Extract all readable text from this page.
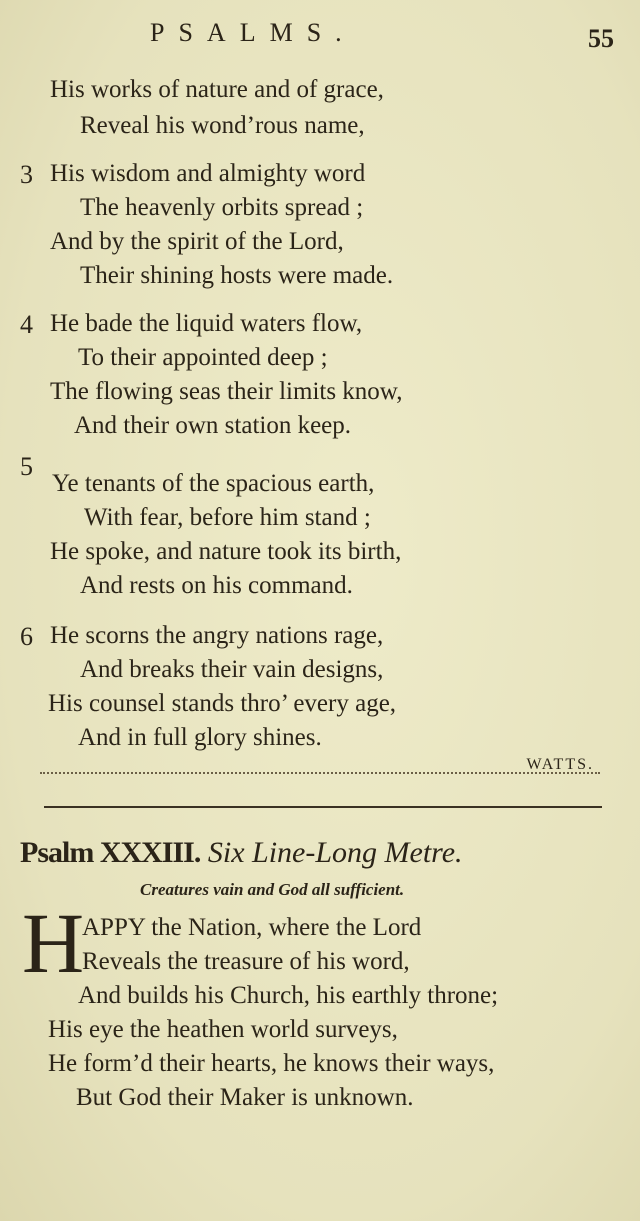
PSALMS.	55
His works of nature and of grace,
Reveal his wond’rous name,
3 His wisdom and almighty word
The heavenly orbits spread ;
And by the spirit of the Lord,
Their shining hosts were made.
4 He bade the liquid waters flow,
To their appointed deep ;
The flowing seas their limits know,
And their own station keep.
5
Ye tenants of the spacious earth,
With fear, before him stand ;
He spoke, and nature took its birth,
And rests on his command.
6 He scorns the angry nations rage,
And breaks their vain designs,
His counsel stands thro’ every age,
And in full glory shines.
WATTS.
Psalm XXXIII. Six Line-Long Metre.
Creatures vain and God all sufficient.
H
APPY the Nation, where the Lord
Reveals the treasure of his word,
And builds his Church, his earthly throne;
His eye the heathen world surveys,
He form’d their hearts, he knows their ways,
But God their Maker is unknown.
